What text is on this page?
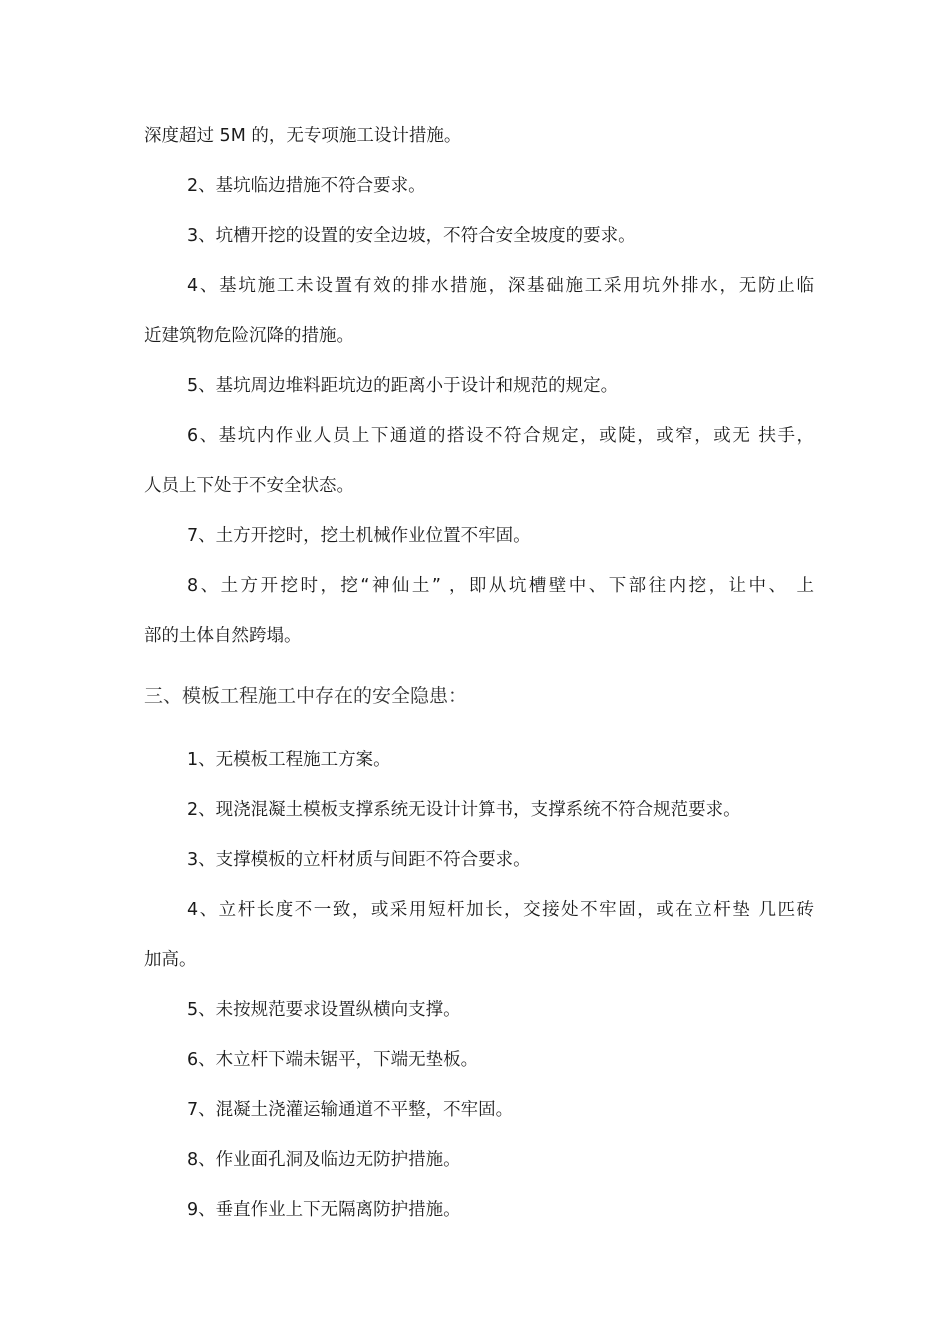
深度超过 5M 的，无专项施工设计措施。

2、基坑临边措施不符合要求。

3、坑槽开挖的设置的安全边坡，不符合安全坡度的要求。

4、基坑施工未设置有效的排水措施，深基础施工采用坑外排水，无防止临

近建筑物危险沉降的措施。

5、基坑周边堆料距坑边的距离小于设计和规范的规定。

6、基坑内作业人员上下通道的搭设不符合规定，或陡，或窄，或无 扶手，

人员上下处于不安全状态。

7、土方开挖时，挖土机械作业位置不牢固。

8、土方开挖时，挖“神仙土” ，即从坑槽壁中、下部往内挖，让中、 上

部的土体自然跨塌。

三、模板工程施工中存在的安全隐患：

1、无模板工程施工方案。

2、现浇混凝土模板支撑系统无设计计算书，支撑系统不符合规范要求。

3、支撑模板的立杆材质与间距不符合要求。

4、立杆长度不一致，或采用短杆加长，交接处不牢固，或在立杆垫 几匹砖

加高。

5、未按规范要求设置纵横向支撑。

6、木立杆下端未锯平，下端无垫板。

7、混凝土浇灌运输通道不平整，不牢固。

8、作业面孔洞及临边无防护措施。

9、垂直作业上下无隔离防护措施。
